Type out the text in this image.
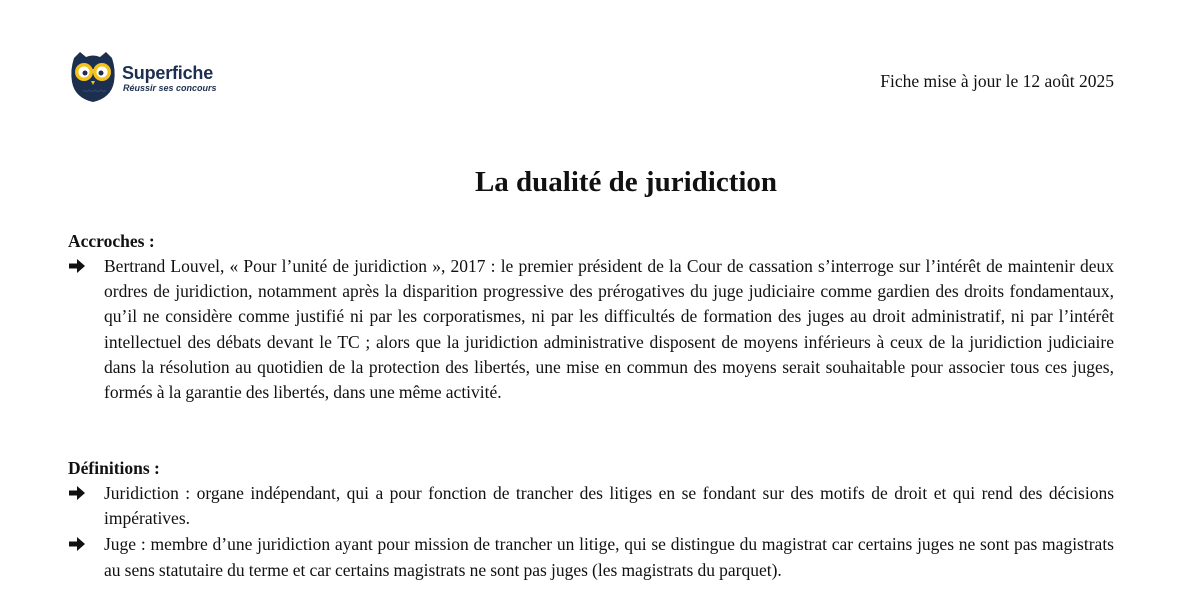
Superfiche
Réussir ses concours	Fiche mise à jour le 12 août 2025
La dualité de juridiction
Accroches :
Bertrand Louvel, « Pour l’unité de juridiction », 2017 : le premier président de la Cour de cassation s’interroge sur l’intérêt de maintenir deux ordres de juridiction, notamment après la disparition progressive des prérogatives du juge judiciaire comme gardien des droits fondamentaux, qu’il ne considère comme justifié ni par les corporatismes, ni par les difficultés de formation des juges au droit administratif, ni par l’intérêt intellectuel des débats devant le TC ; alors que la juridiction administrative disposent de moyens inférieurs à ceux de la juridiction judiciaire dans la résolution au quotidien de la protection des libertés, une mise en commun des moyens serait souhaitable pour associer tous ces juges, formés à la garantie des libertés, dans une même activité.
Définitions :
Juridiction : organe indépendant, qui a pour fonction de trancher des litiges en se fondant sur des motifs de droit et qui rend des décisions impératives.
Juge : membre d’une juridiction ayant pour mission de trancher un litige, qui se distingue du magistrat car certains juges ne sont pas magistrats au sens statutaire du terme et car certains magistrats ne sont pas juges (les magistrats du parquet).
